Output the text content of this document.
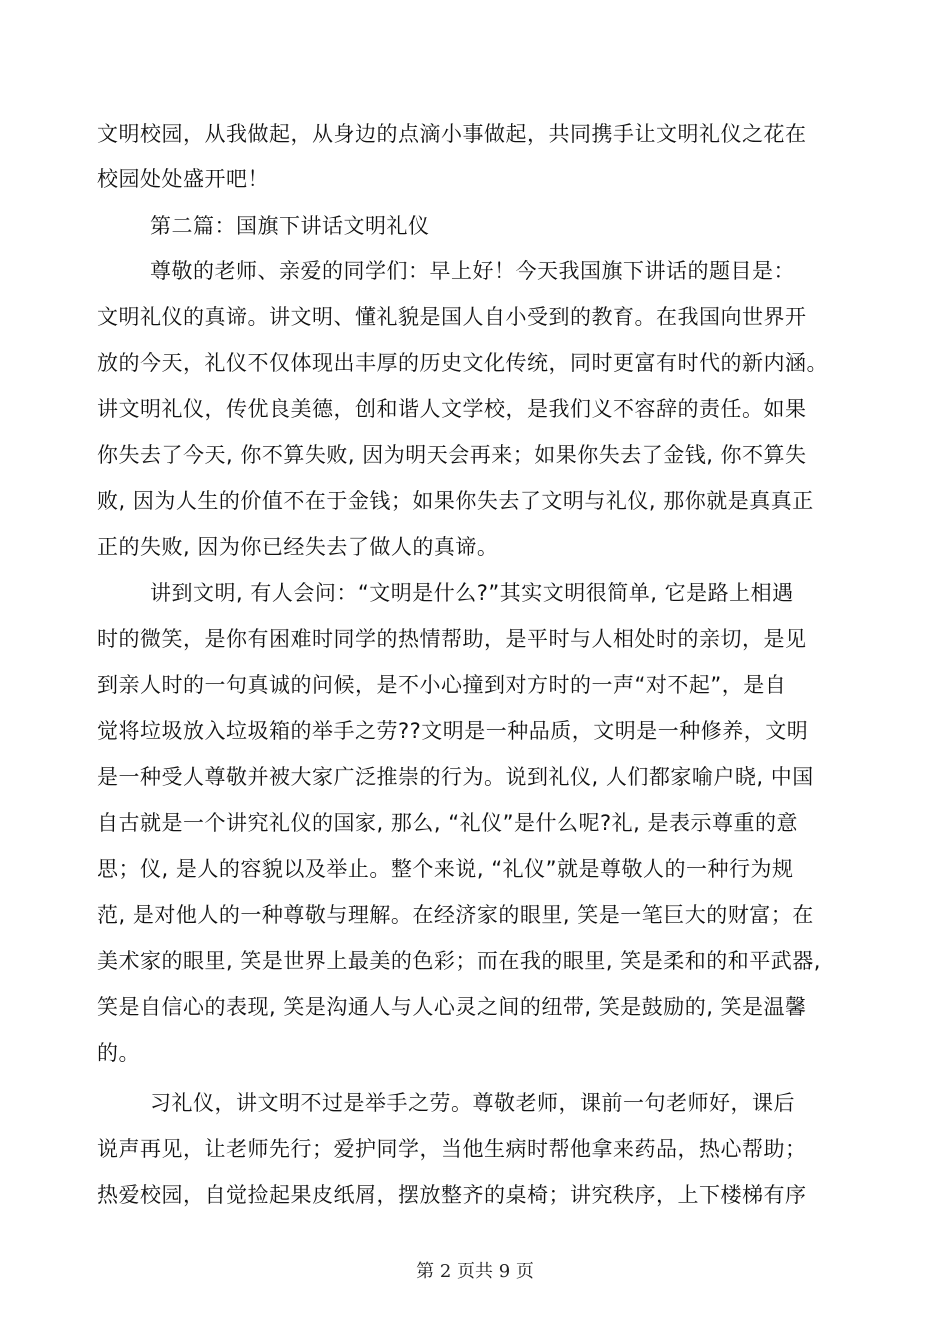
文明校园，从我做起，从身边的点滴小事做起，共同携手让文明礼仪之花在
校园处处盛开吧！
第二篇：国旗下讲话文明礼仪
尊敬的老师、亲爱的同学们：早上好！今天我国旗下讲话的题目是：
文明礼仪的真谛。讲文明、懂礼貌是国人自小受到的教育。在我国向世界开
放的今天，礼仪不仅体现出丰厚的历史文化传统，同时更富有时代的新内涵。
讲文明礼仪，传优良美德，创和谐人文学校，是我们义不容辞的责任。如果
你失去了今天, 你不算失败, 因为明天会再来；如果你失去了金钱, 你不算失
败, 因为人生的价值不在于金钱；如果你失去了文明与礼仪, 那你就是真真正
正的失败, 因为你已经失去了做人的真谛。
讲到文明, 有人会问：“文明是什么?”其实文明很简单, 它是路上相遇
时的微笑，是你有困难时同学的热情帮助，是平时与人相处时的亲切，是见
到亲人时的一句真诚的问候，是不小心撞到对方时的一声“对不起”，是自
觉将垃圾放入垃圾箱的举手之劳??文明是一种品质，文明是一种修养，文明
是一种受人尊敬并被大家广泛推崇的行为。说到礼仪, 人们都家喻户晓, 中国
自古就是一个讲究礼仪的国家, 那么, “礼仪”是什么呢?礼, 是表示尊重的意
思；仪, 是人的容貌以及举止。整个来说, “礼仪”就是尊敬人的一种行为规
范, 是对他人的一种尊敬与理解。在经济家的眼里, 笑是一笔巨大的财富；在
美术家的眼里, 笑是世界上最美的色彩；而在我的眼里, 笑是柔和的和平武器,
笑是自信心的表现, 笑是沟通人与人心灵之间的纽带, 笑是鼓励的, 笑是温馨
的。
习礼仪，讲文明不过是举手之劳。尊敬老师，课前一句老师好，课后
说声再见，让老师先行；爱护同学，当他生病时帮他拿来药品，热心帮助；
热爱校园，自觉捡起果皮纸屑，摆放整齐的桌椅；讲究秩序，上下楼梯有序
第 2 页共 9 页
